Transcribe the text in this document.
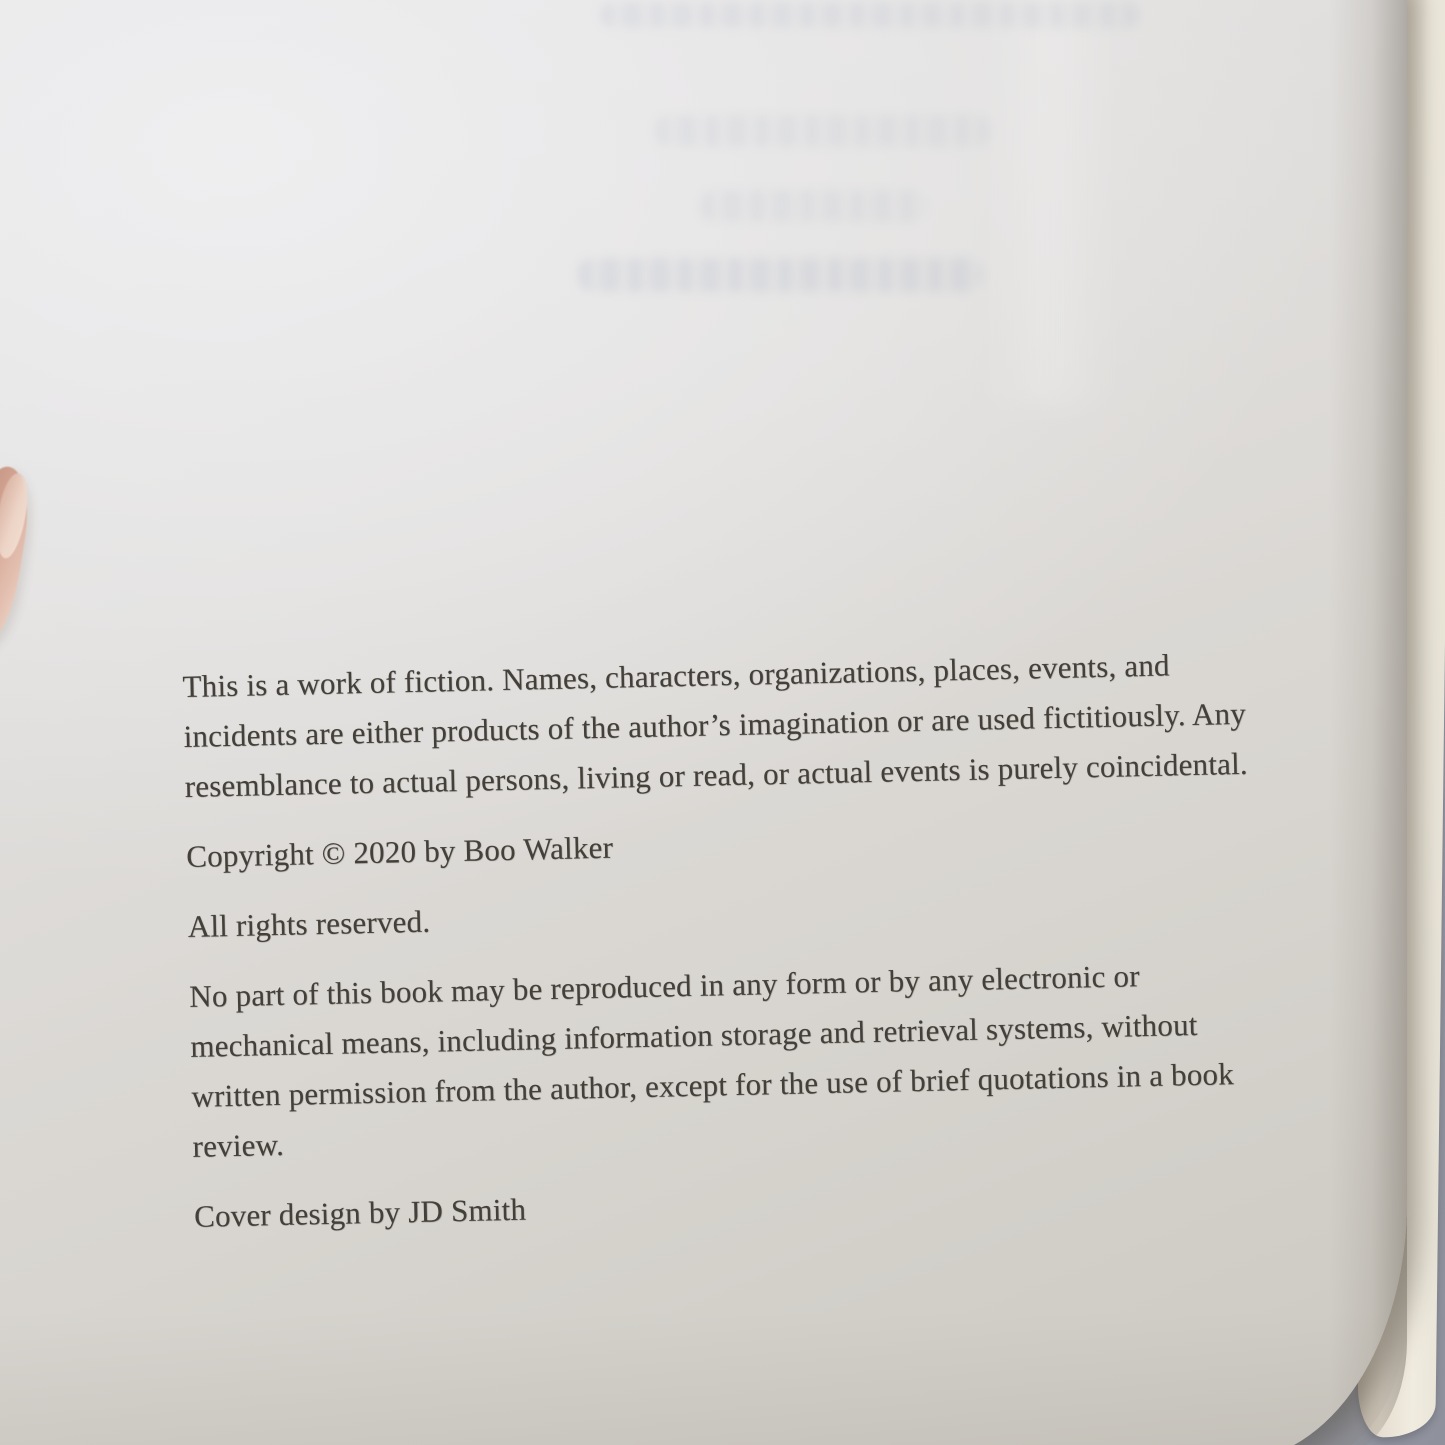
This is a work of fiction. Names, characters, organizations, places, events, and
incidents are either products of the author’s imagination or are used fictitiously. Any
resemblance to actual persons, living or read, or actual events is purely coincidental.

Copyright © 2020 by Boo Walker

All rights reserved.

No part of this book may be reproduced in any form or by any electronic or
mechanical means, including information storage and retrieval systems, without
written permission from the author, except for the use of brief quotations in a book
review.

Cover design by JD Smith
